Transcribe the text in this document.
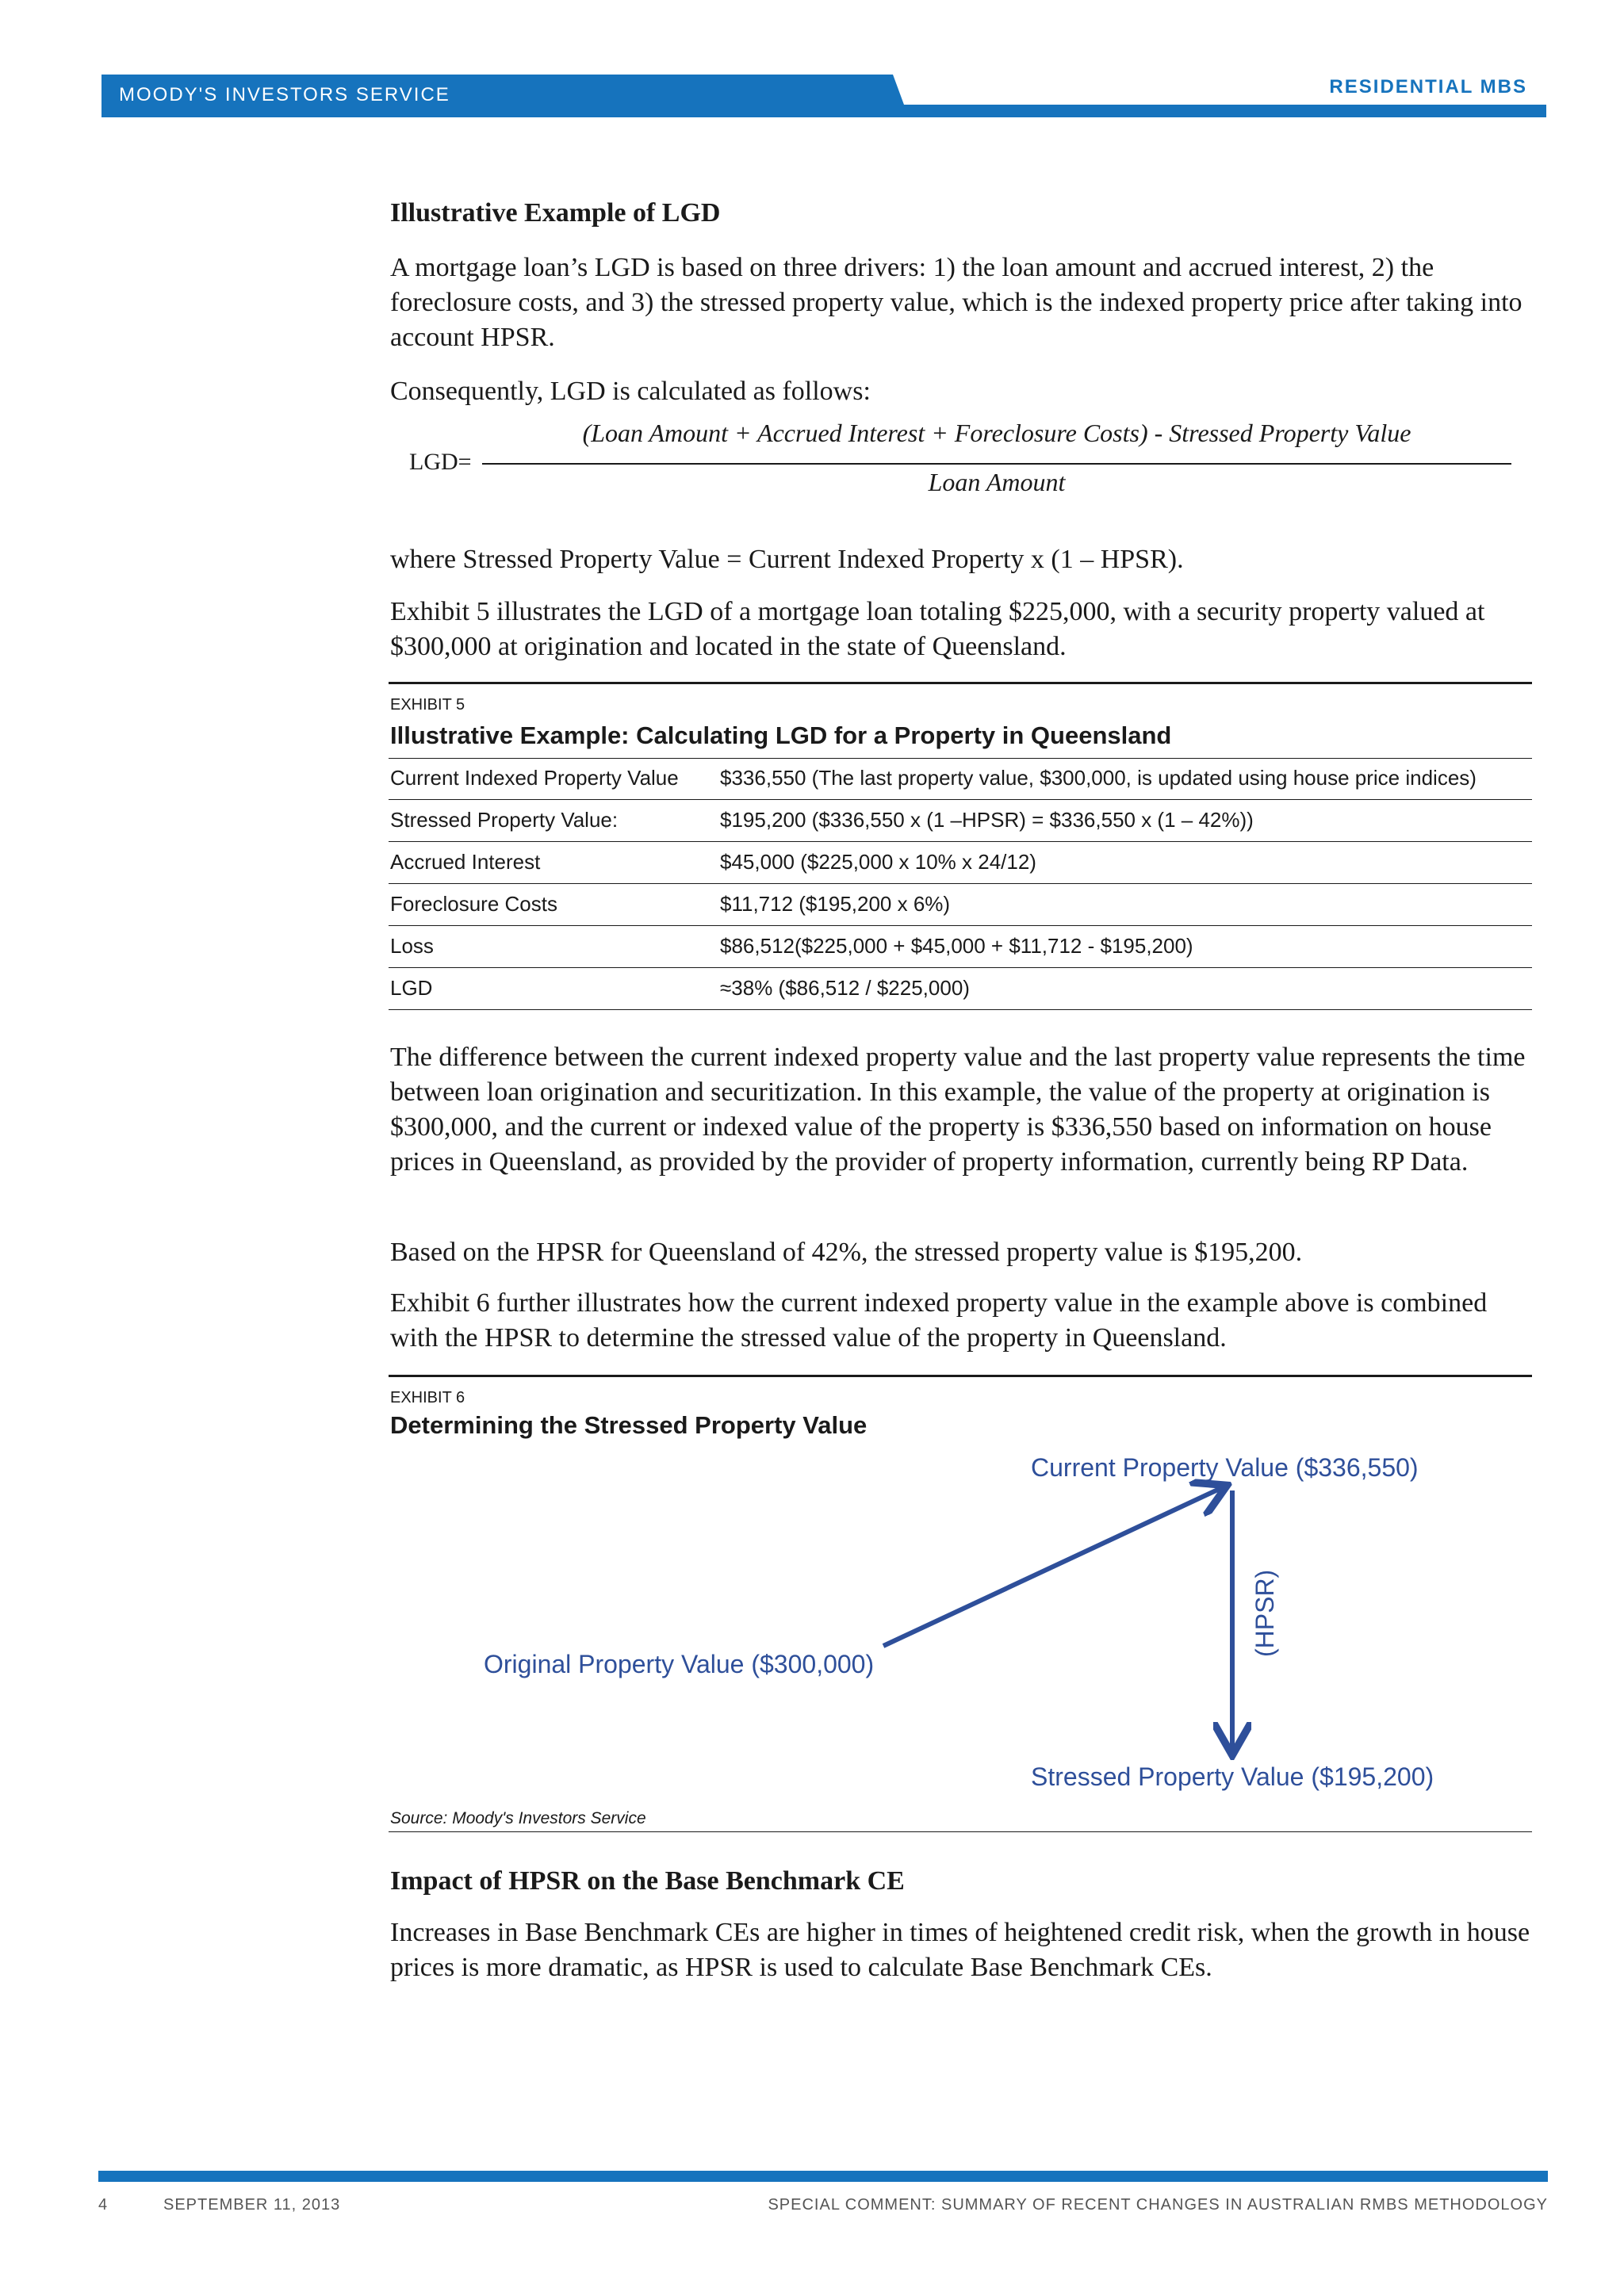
MOODY'S INVESTORS SERVICE	RESIDENTIAL MBS
Illustrative Example of LGD

A mortgage loan’s LGD is based on three drivers: 1) the loan amount and accrued interest, 2) the foreclosure costs, and 3) the stressed property value, which is the indexed property price after taking into account HPSR.

Consequently, LGD is calculated as follows:

LGD=
(Loan Amount + Accrued Interest + Foreclosure Costs) - Stressed Property Value
Loan Amount

where Stressed Property Value = Current Indexed Property x (1 – HPSR).

Exhibit 5 illustrates the LGD of a mortgage loan totaling $225,000, with a security property valued at $300,000 at origination and located in the state of Queensland.

EXHIBIT 5
Illustrative Example: Calculating LGD for a Property in Queensland
Current Indexed Property Value $336,550 (The last property value, $300,000, is updated using house price indices)
Stressed Property Value:	$195,200 ($336,550 x (1 –HPSR) = $336,550 x (1 – 42%))
Accrued Interest	$45,000 ($225,000 x 10% x 24/12)
Foreclosure Costs	$11,712 ($195,200 x 6%)
Loss	$86,512($225,000 + $45,000 + $11,712 - $195,200)
LGD	≈38% ($86,512 / $225,000)

The difference between the current indexed property value and the last property value represents the time between loan origination and securitization. In this example, the value of the property at origination is $300,000, and the current or indexed value of the property is $336,550 based on information on house prices in Queensland, as provided by the provider of property information, currently being RP Data.

Based on the HPSR for Queensland of 42%, the stressed property value is $195,200.

Exhibit 6 further illustrates how the current indexed property value in the example above is combined with the HPSR to determine the stressed value of the property in Queensland.

EXHIBIT 6
Determining the Stressed Property Value
Current Property Value ($336,550)
Original Property Value ($300,000)
Stressed Property Value ($195,200)
(HPSR)
Source: Moody's Investors Service
Impact of HPSR on the Base Benchmark CE

Increases in Base Benchmark CEs are higher in times of heightened credit risk, when the growth in house prices is more dramatic, as HPSR is used to calculate Base Benchmark CEs.

4	SEPTEMBER 11, 2013	SPECIAL COMMENT: SUMMARY OF RECENT CHANGES IN AUSTRALIAN RMBS METHODOLOGY
